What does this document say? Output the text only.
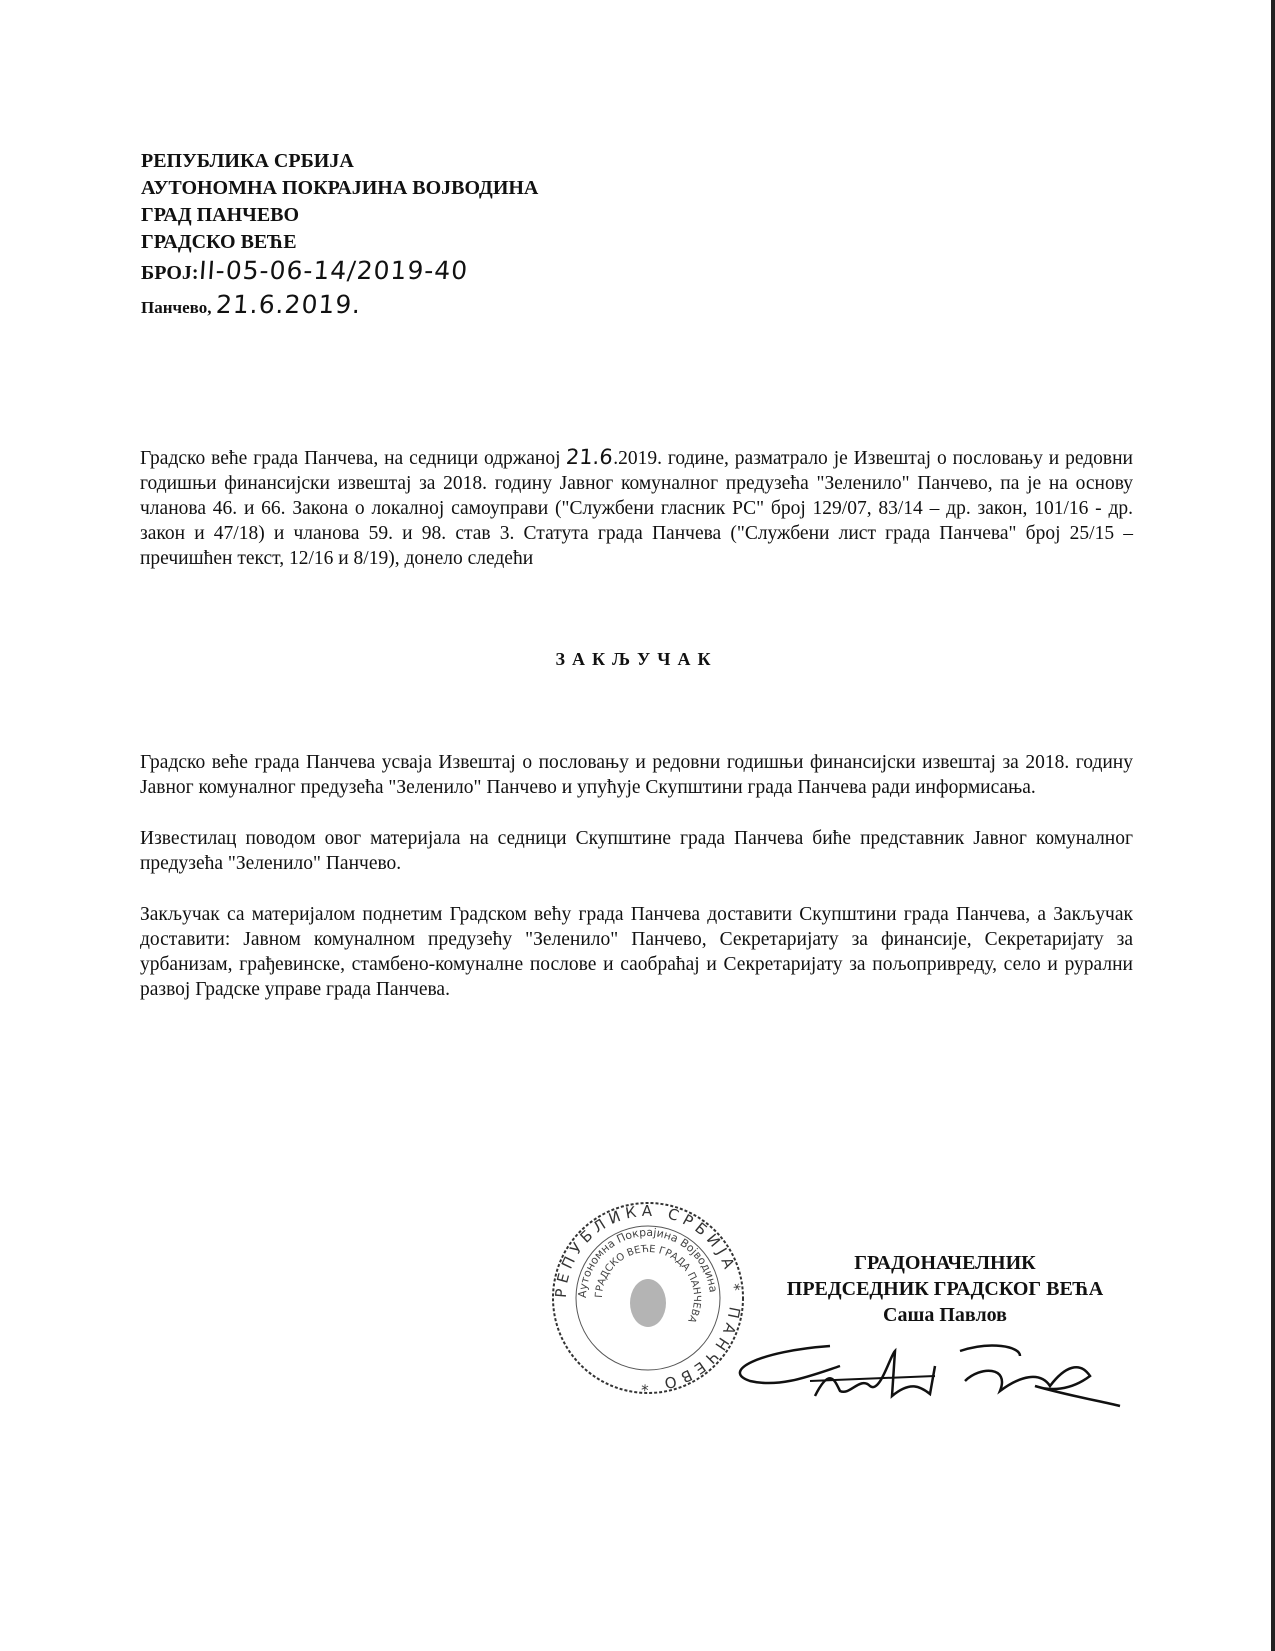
РЕПУБЛИКА СРБИЈА
АУТОНОМНА ПОКРАЈИНА ВОЈВОДИНА
ГРАД ПАНЧЕВО
ГРАДСКО ВЕЋЕ
БРОЈ:II-05-06-14/2019-40
Панчево, 21.6.2019.

Градско веће града Панчева, на седници одржаној 21.6.2019. године, разматрало је Извештај о пословању и редовни годишњи финансијски извештај за 2018. годину Јавног комуналног предузећа "Зеленило" Панчево, па је на основу чланова 46. и 66. Закона о локалној самоуправи ("Службени гласник РС" број 129/07, 83/14 – др. закон, 101/16 - др. закон и 47/18) и чланова 59. и 98. став 3. Статута града Панчева ("Службени лист града Панчева" број 25/15 – пречишћен текст, 12/16 и 8/19), донело следећи

ЗАКЉУЧАК

Градско веће града Панчева усваја Извештај о пословању и редовни годишњи финансијски извештај за 2018. годину Јавног комуналног предузећа "Зеленило" Панчево и упућује Скупштини града Панчева ради информисања.

Известилац поводом овог материјала на седници Скупштине града Панчева биће представник Јавног комуналног предузећа "Зеленило" Панчево.

Закључак са материјалом поднетим Градском већу града Панчева доставити Скупштини града Панчева, а Закључак доставити: Јавном комуналном предузећу "Зеленило" Панчево, Секретаријату за финансије, Секретаријату за урбанизам, грађевинске, стамбено-комуналне послове и саобраћај и Секретаријату за пољопривреду, село и рурални развој Градске управе града Панчева.

РЕПУБЛИКА СРБИЈА * ПАНЧЕВО *
Аутономна Покрајина Војводина
ГРАДСКО ВЕЋЕ ГРАДА ПАНЧЕВА
ГРАДОНАЧЕЛНИК
ПРЕДСЕДНИК ГРАДСКОГ ВЕЋА
Саша Павлов
